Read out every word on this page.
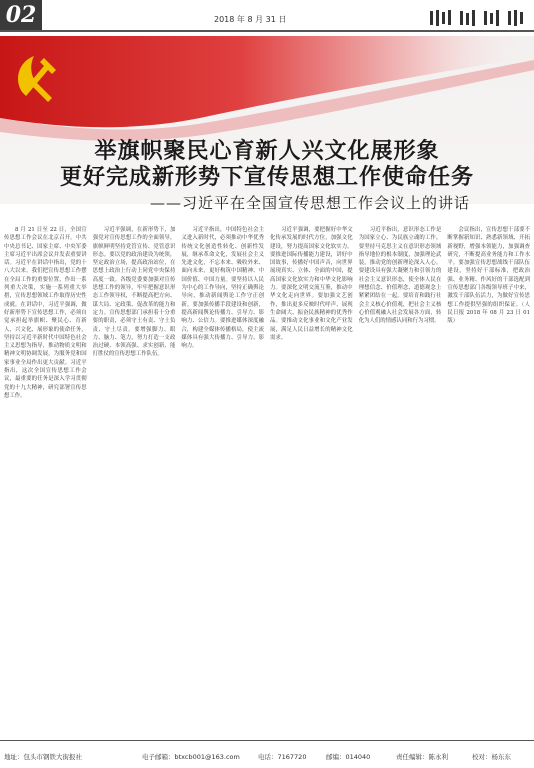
02	2018 年 8 月 31 日
举旗帜聚民心育新人兴文化展形象
更好完成新形势下宣传思想工作使命任务
——习近平在全国宣传思想工作会议上的讲话

8 月 21 日至 22 日，全国宣传思想工作会议在北京召开。中共中央总书记、国家主席、中央军委主席习近平出席会议并发表重要讲话。习近平在讲话中指出，党的十八大以来，我们把宣传思想工作摆在全局工作的重要位置，作出一系列重大决策，实施一系列重大举措，宣传思想领域工作取得历史性成就。在讲话中，习近平强调，做好新形势下宣传思想工作，必须自觉承担起举旗帜、聚民心、育新人、兴文化、展形象的使命任务，坚持以习近平新时代中国特色社会主义思想为指导，推动物质文明和精神文明协调发展，为服务党和国家事业全局作出更大贡献。习近平指出，这次全国宣传思想工作会议，最重要的任务是深入学习贯彻党的十九大精神，研究部署宣传思想工作。

习近平强调，在新形势下，加强党对宣传思想工作的全面领导，旗帜鲜明坚持党管宣传、党管意识形态。要以党的政治建设为统领，坚定政治立场，提高政治站位，在思想上政治上行动上同党中央保持高度一致。各级党委要加强对宣传思想工作的领导，牢牢把握意识形态工作领导权，不断提高把方向、谋大局、定政策、促改革的能力和定力。宣传思想部门承担着十分重要的职责，必须守土有责、守土负责、守土尽责。要增强脚力、眼力、脑力、笔力，努力打造一支政治过硬、本领高强、求实创新、能打胜仗的宣传思想工作队伍。

习近平指出，中国特色社会主义进入新时代，必须推动中华优秀传统文化创造性转化、创新性发展，继承革命文化，发展社会主义先进文化，不忘本来、吸收外来、面向未来，更好构筑中国精神、中国价值、中国力量。要坚持以人民为中心的工作导向，坚持正确舆论导向，推动新闻舆论工作守正创新。要加强传播手段建设和创新，提高新闻舆论传播力、引导力、影响力、公信力。要推进媒体深度融合，构建全媒体传播格局，使主流媒体具有强大传播力、引导力、影响力。

习近平强调，要把握好中华文化传承发展的时代方位，加强文化建设，努力提高国家文化软实力。要推进国际传播能力建设，讲好中国故事，传播好中国声音，向世界展现真实、立体、全面的中国，提高国家文化软实力和中华文化影响力。要深化文明交流互鉴，推动中华文化走向世界。要加强文艺创作，推出更多反映时代呼声、展现生命阔大、振奋民族精神的优秀作品。要推动文化事业和文化产业发展，满足人民日益增长的精神文化需求。

习近平指出，意识形态工作是为国家立心、为民族立魂的工作。要坚持马克思主义在意识形态领域指导地位的根本制度，加强理论武装，推动党的创新理论深入人心。要建设具有强大凝聚力和引领力的社会主义意识形态，使全体人民在理想信念、价值理念、道德观念上紧紧团结在一起。要培育和践行社会主义核心价值观，把社会主义核心价值观融入社会发展各方面，转化为人们的情感认同和行为习惯。

会议指出，宣传思想干部要不断掌握新知识、熟悉新领域、开拓新视野，增强本领能力，加强调查研究，不断提高业务能力和工作水平。要加强宣传思想战线干部队伍建设，坚持好干部标准，把政治强、业务精、作风好的干部选配到宣传思想部门各级领导班子中来，激发干部队伍活力，为做好宣传思想工作提供坚强的组织保证。（人民日报 2018 年 08 月 23 日 01 版）

地址：包头市钢铁大街报社	电子邮箱：btxcb001@163.com	电话：7167720	邮编：014040	责任编辑：陈永利	校对：杨东东
